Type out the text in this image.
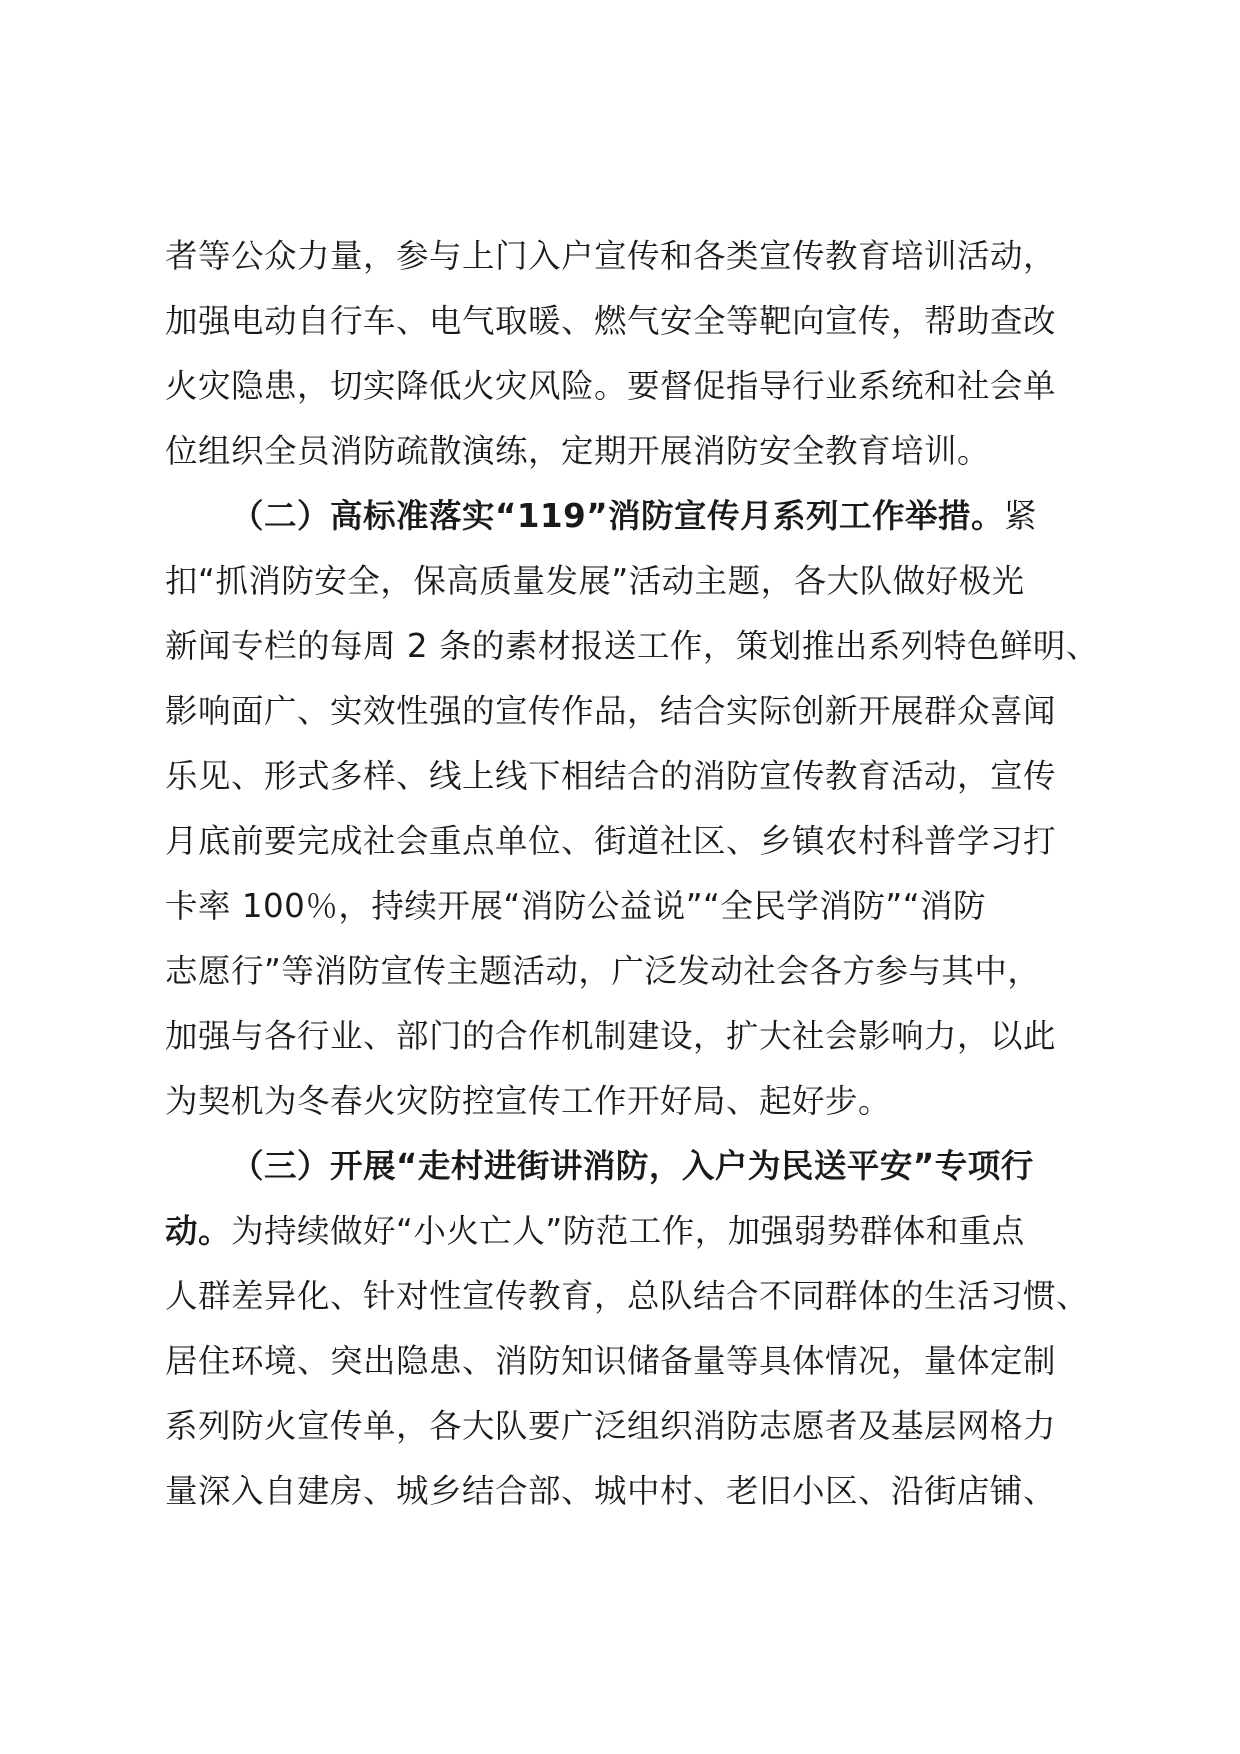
者等公众力量，参与上门入户宣传和各类宣传教育培训活动，
加强电动自行车、电气取暖、燃气安全等靶向宣传，帮助查改
火灾隐患，切实降低火灾风险。要督促指导行业系统和社会单
位组织全员消防疏散演练，定期开展消防安全教育培训。
（二）高标准落实“119”消防宣传月系列工作举措。紧
扣“抓消防安全，保高质量发展”活动主题，各大队做好极光
新闻专栏的每周 2 条的素材报送工作，策划推出系列特色鲜明、
影响面广、实效性强的宣传作品，结合实际创新开展群众喜闻
乐见、形式多样、线上线下相结合的消防宣传教育活动，宣传
月底前要完成社会重点单位、街道社区、乡镇农村科普学习打
卡率 100％，持续开展“消防公益说”“全民学消防”“消防
志愿行”等消防宣传主题活动，广泛发动社会各方参与其中，
加强与各行业、部门的合作机制建设，扩大社会影响力，以此
为契机为冬春火灾防控宣传工作开好局、起好步。
（三）开展“走村进街讲消防，入户为民送平安”专项行
动。为持续做好“小火亡人”防范工作，加强弱势群体和重点
人群差异化、针对性宣传教育，总队结合不同群体的生活习惯、
居住环境、突出隐患、消防知识储备量等具体情况，量体定制
系列防火宣传单，各大队要广泛组织消防志愿者及基层网格力
量深入自建房、城乡结合部、城中村、老旧小区、沿街店铺、
